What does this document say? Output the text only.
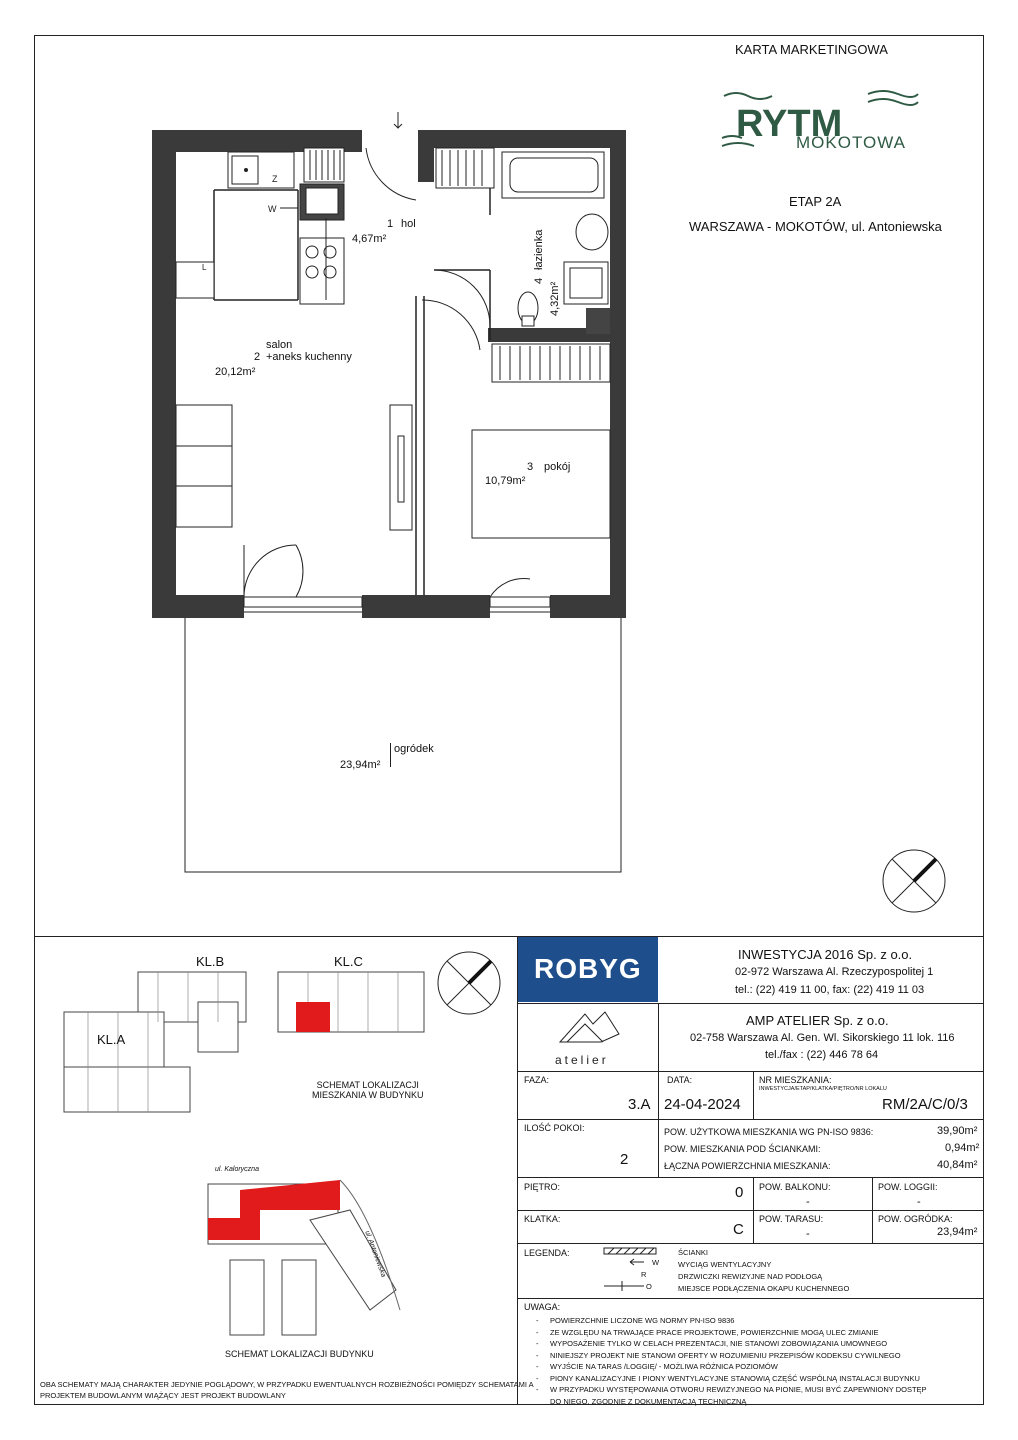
KARTA MARKETINGOWA
RYTM
MOKOTOWA
ETAP 2A
WARSZAWA - MOKOTÓW, ul. Antoniewska
W
Z
L
1 hol
4,67m²
salon
2 +aneks kuchenny
20,12m²
3 pokój
10,79m²
4
łazienka
4,32m²
ogródek
23,94m²
KL.A
KL.B	KL.C
SCHEMAT LOKALIZACJI
MIESZKANIA W BUDYNKU
ul. Kaloryczna
ul. Antoniewska
SCHEMAT LOKALIZACJI BUDYNKU
OBA SCHEMATY MAJĄ CHARAKTER JEDYNIE POGLĄDOWY, W PRZYPADKU EWENTUALNYCH ROZBIEŻNOŚCI POMIĘDZY SCHEMATAMI A
PROJEKTEM BUDOWLANYM WIĄŻĄCY JEST PROJEKT BUDOWLANY
ROBYG	INWESTYCJA 2016 Sp. z o.o.
02-972 Warszawa Al. Rzeczypospolitej 1
tel.: (22) 419 11 00, fax: (22) 419 11 03
atelier
AMP ATELIER Sp. z o.o.
02-758 Warszawa Al. Gen. Wl. Sikorskiego 11 lok. 116
tel./fax : (22) 446 78 64
FAZA:
3.A
DATA:
24-04-2024
NR MIESZKANIA:
INWESTYCJA/ETAP/KLATKA/PIĘTRO/NR LOKALU
RM/2A/C/0/3
ILOŚĆ POKOI:
2
POW. UŻYTKOWA MIESZKANIA WG PN-ISO 9836:	39,90m²
POW. MIESZKANIA POD ŚCIANKAMI:	0,94m²
ŁĄCZNA POWIERZCHNIA MIESZKANIA:	40,84m²
PIĘTRO:	0 POW. BALKONU:
-
POW. LOGGII:
-
KLATKA:
C
POW. TARASU:
-
POW. OGRÓDKA:
23,94m²
LEGENDA:
W
R
O
ŚCIANKI
WYCIĄG WENTYLACYJNY
DRZWICZKI REWIZYJNE NAD PODŁOGĄ
MIEJSCE PODŁĄCZENIA OKAPU KUCHENNEGO
UWAGA:
-	POWIERZCHNIE LICZONE WG NORMY PN-ISO 9836
-	ZE WZGLĘDU NA TRWAJĄCE PRACE PROJEKTOWE, POWIERZCHNIE MOGĄ ULEC ZMIANIE
-	WYPOSAŻENIE TYLKO W CELACH PREZENTACJI, NIE STANOWI ZOBOWIĄZANIA UMOWNEGO
-	NINIEJSZY PROJEKT NIE STANOWI OFERTY W ROZUMIENIU PRZEPISÓW KODEKSU CYWILNEGO
-	WYJŚCIE NA TARAS /LOGGIĘ/ - MOŻLIWA RÓŻNICA POZIOMÓW
-	PIONY KANALIZACYJNE I PIONY WENTYLACYJNE STANOWIĄ CZĘŚĆ WSPÓLNĄ INSTALACJI BUDYNKU
-	W PRZYPADKU WYSTĘPOWANIA OTWORU REWIZYJNEGO NA PIONIE, MUSI BYĆ ZAPEWNIONY DOSTĘP
DO NIEGO, ZGODNIE Z DOKUMENTACJĄ TECHNICZNĄ
